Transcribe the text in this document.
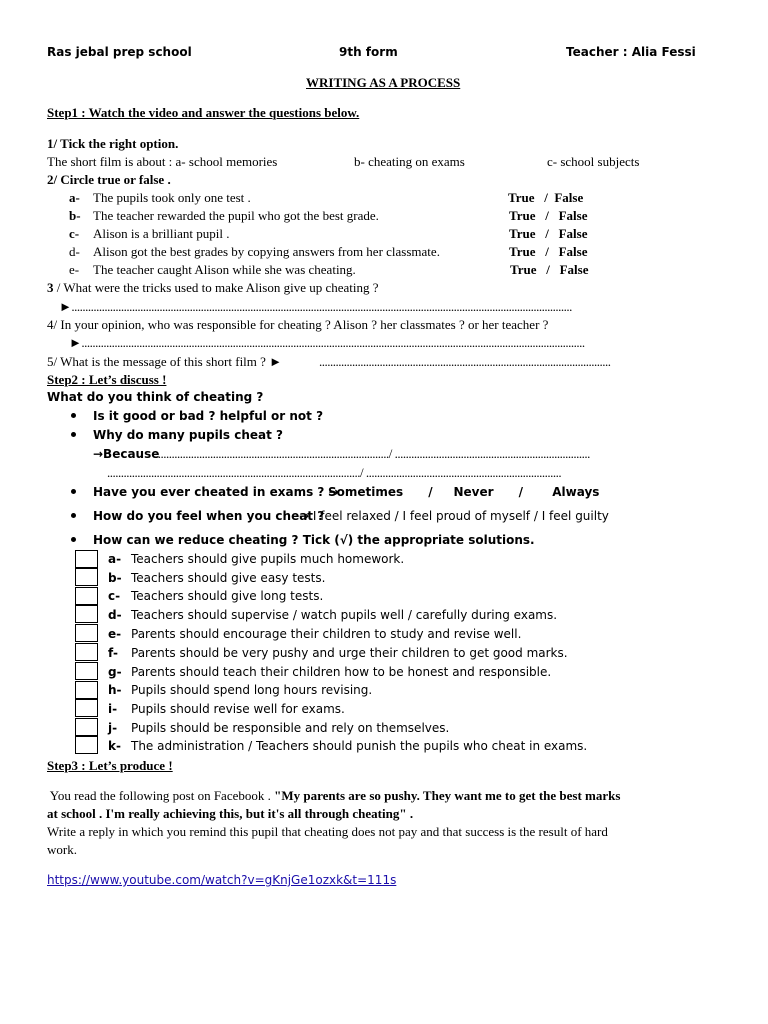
Ras jebal prep school	9th form	Teacher : Alia Fessi
WRITING AS A PROCESS
Step1 : Watch the video and answer the questions below.
1/ Tick the right option.
The short film is about : a- school memories	b- cheating on exams	c- school subjects
2/ Circle true or false .
a- The pupils took only one test .	True   /  False
b- The teacher rewarded the pupil who got the best grade.	True   /   False
c- Alison is a brilliant pupil .	True   /   False
d- Alison got the best grades by copying answers from her classmate.	True   /   False
e- The teacher caught Alison while she was cheating.	True   /   False
3 / What were the tricks used to make Alison give up cheating ?
►......................................................................................................................................................................................
4/ In your opinion, who was responsible for cheating ? Alison ? her classmates ? or her teacher ?
►.......................................................................................................................................................................................
5/ What is the message of this short film ? ►	..........................................................................................................
Step2 : Let’s discuss !
What do you think of cheating ?
Is it good or bad ? helpful or not ?
Why do many pupils cheat ?
→Because
...................................................................................../ .......................................................................
............................................................................................/ .......................................................................
Have you ever cheated in exams ? →
Sometimes      /     Never      /       Always
How do you feel when you cheat ?
→ I feel relaxed / I feel proud of myself / I feel guilty
How can we reduce cheating ? Tick (√) the appropriate solutions.
a- Teachers should give pupils much homework.
b- Teachers should give easy tests.
c- Teachers should give long tests.
d- Teachers should supervise / watch pupils well / carefully during exams.
e- Parents should encourage their children to study and revise well.
f- Parents should be very pushy and urge their children to get good marks.
g- Parents should teach their children how to be honest and responsible.
h- Pupils should spend long hours revising.
i- Pupils should revise well for exams.
j- Pupils should be responsible and rely on themselves.
k- The administration / Teachers should punish the pupils who cheat in exams.
Step3 : Let’s produce !
You read the following post on Facebook . "My parents are so pushy. They want me to get the best marks
at school . I'm really achieving this, but it's all through cheating" .
Write a reply in which you remind this pupil that cheating does not pay and that success is the result of hard
work.
https://www.youtube.com/watch?v=gKnjGe1ozxk&t=111s
